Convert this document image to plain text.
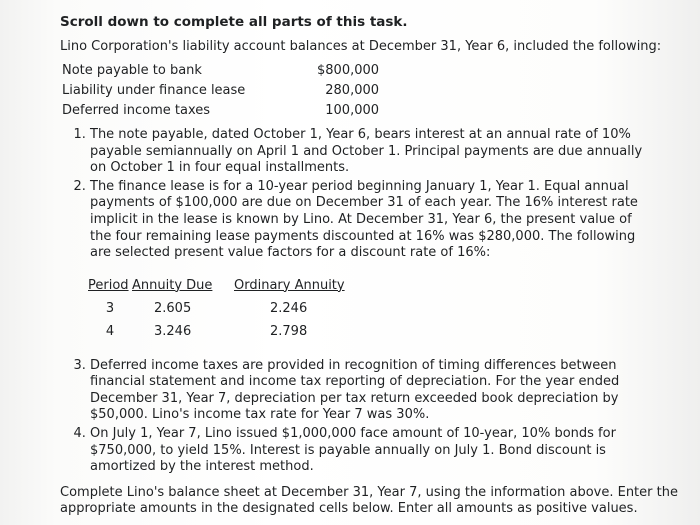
Scroll down to complete all parts of this task.

Lino Corporation's liability account balances at December 31, Year 6, included the following:

Note payable to bank	$800,000
Liability under finance lease	280,000
Deferred income taxes	100,000
1. The note payable, dated October 1, Year 6, bears interest at an annual rate of 10% payable semiannually on April 1 and October 1. Principal payments are due annually on October 1 in four equal installments.
2. The finance lease is for a 10-year period beginning January 1, Year 1. Equal annual payments of $100,000 are due on December 31 of each year. The 16% interest rate implicit in the lease is known by Lino. At December 31, Year 6, the present value of the four remaining lease payments discounted at 16% was $280,000. The following are selected present value factors for a discount rate of 16%:
Period	Annuity Due	Ordinary Annuity
3	2.605	2.246
4	3.246	2.798
3. Deferred income taxes are provided in recognition of timing differences between financial statement and income tax reporting of depreciation. For the year ended December 31, Year 7, depreciation per tax return exceeded book depreciation by $50,000. Lino's income tax rate for Year 7 was 30%.
4. On July 1, Year 7, Lino issued $1,000,000 face amount of 10-year, 10% bonds for $750,000, to yield 15%. Interest is payable annually on July 1. Bond discount is amortized by the interest method.

Complete Lino's balance sheet at December 31, Year 7, using the information above. Enter the appropriate amounts in the designated cells below. Enter all amounts as positive values.
